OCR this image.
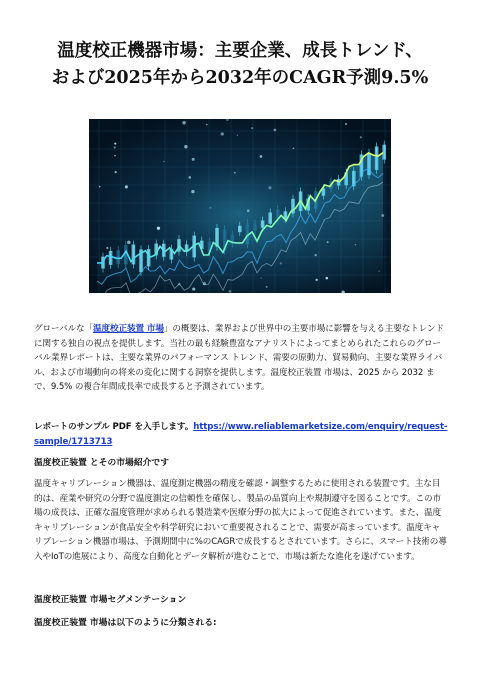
温度校正機器市場：主要企業、成長トレンド、
および2025年から2032年のCAGR予測9.5%

グローバルな「温度校正装置 市場」の概要は、業界および世界中の主要市場に影響を与える主要なトレンドに関する独自の視点を提供します。当社の最も経験豊富なアナリストによってまとめられたこれらのグローバル業界レポートは、主要な業界のパフォーマンス トレンド、需要の原動力、貿易動向、主要な業界ライバル、および市場動向の将来の変化に関する洞察を提供します。温度校正装置 市場は、2025 から 2032 まで、9.5% の複合年間成長率で成長すると予測されています。

レポートのサンプル PDF を入手します。https://www.reliablemarketsize.com/enquiry/request-sample/1713713

温度校正装置 とその市場紹介です

温度キャリブレーション機器は、温度測定機器の精度を確認・調整するために使用される装置です。主な目的は、産業や研究の分野で温度測定の信頼性を確保し、製品の品質向上や規制遵守を図ることです。この市場の成長は、正確な温度管理が求められる製造業や医療分野の拡大によって促進されています。また、温度キャリブレーションが食品安全や科学研究において重要視されることで、需要が高まっています。温度キャリブレーション機器市場は、予測期間中に%のCAGRで成長するとされています。さらに、スマート技術の導入やIoTの進展により、高度な自動化とデータ解析が進むことで、市場は新たな進化を遂げています。

温度校正装置 市場セグメンテーション

温度校正装置 市場は以下のように分類される:
